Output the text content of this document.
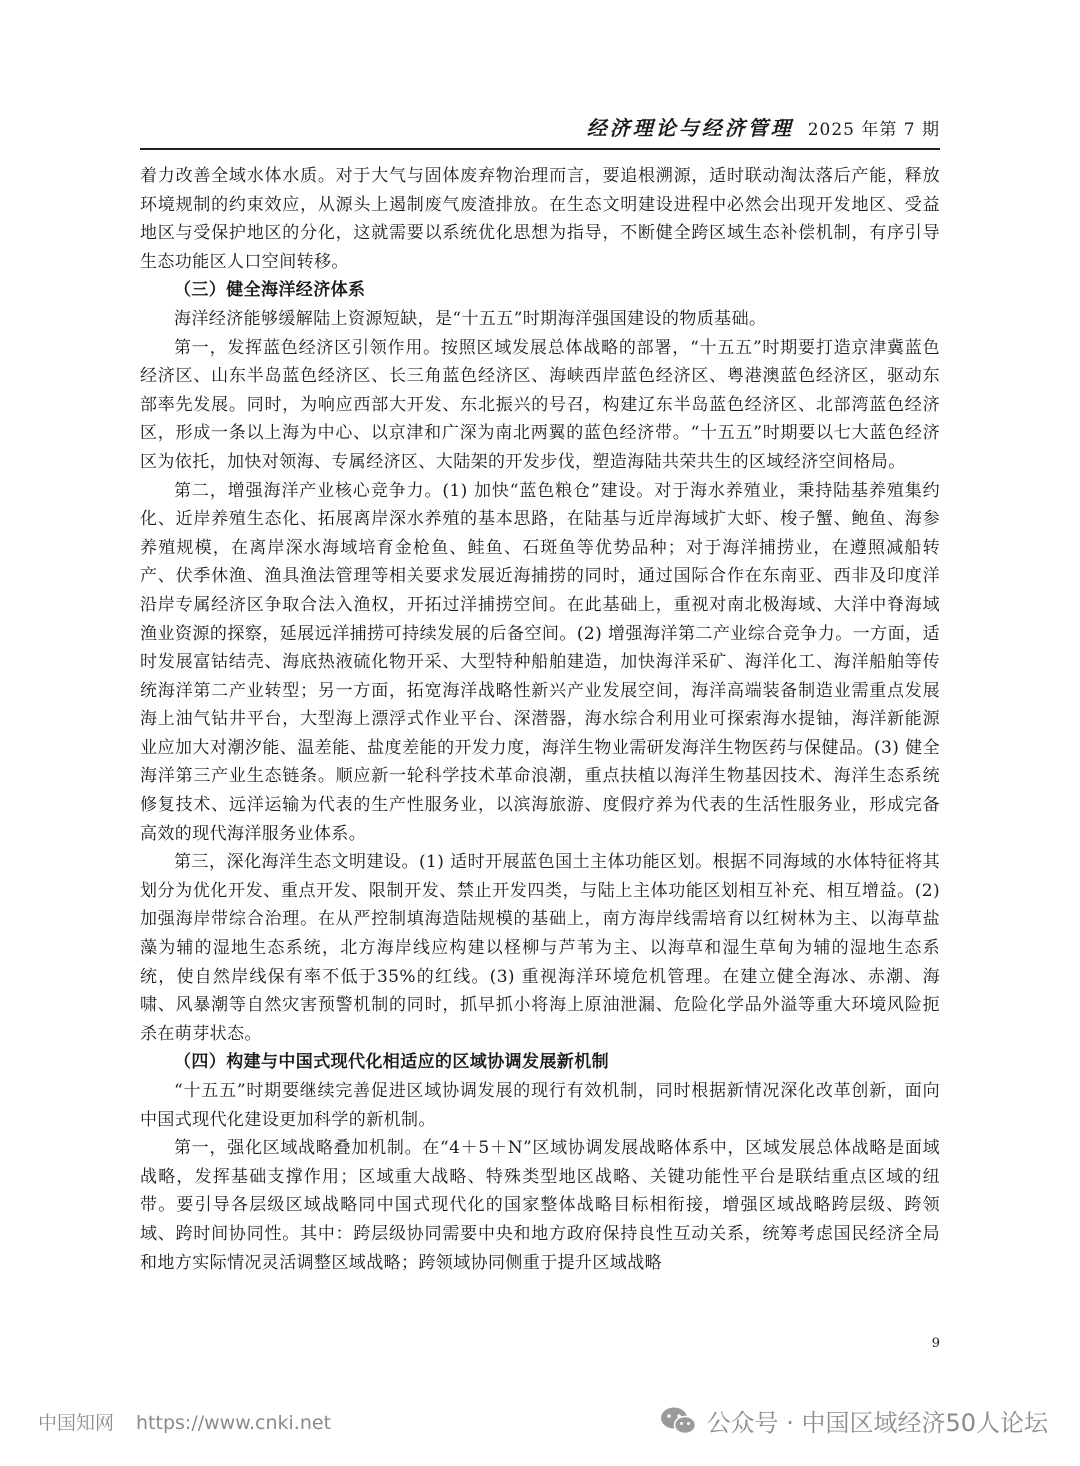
经济理论与经济管理 2025 年第 7 期

着力改善全域水体水质。对于大气与固体废弃物治理而言，要追根溯源，适时联动淘汰落后产能，释放环境规制的约束效应，从源头上遏制废气废渣排放。在生态文明建设进程中必然会出现开发地区、受益地区与受保护地区的分化，这就需要以系统优化思想为指导，不断健全跨区域生态补偿机制，有序引导生态功能区人口空间转移。

（三）健全海洋经济体系

海洋经济能够缓解陆上资源短缺，是“十五五”时期海洋强国建设的物质基础。

第一，发挥蓝色经济区引领作用。按照区域发展总体战略的部署，“十五五”时期要打造京津冀蓝色经济区、山东半岛蓝色经济区、长三角蓝色经济区、海峡西岸蓝色经济区、粤港澳蓝色经济区，驱动东部率先发展。同时，为响应西部大开发、东北振兴的号召，构建辽东半岛蓝色经济区、北部湾蓝色经济区，形成一条以上海为中心、以京津和广深为南北两翼的蓝色经济带。“十五五”时期要以七大蓝色经济区为依托，加快对领海、专属经济区、大陆架的开发步伐，塑造海陆共荣共生的区域经济空间格局。

第二，增强海洋产业核心竞争力。(1) 加快“蓝色粮仓”建设。对于海水养殖业，秉持陆基养殖集约化、近岸养殖生态化、拓展离岸深水养殖的基本思路，在陆基与近岸海域扩大虾、梭子蟹、鲍鱼、海参养殖规模，在离岸深水海域培育金枪鱼、鲑鱼、石斑鱼等优势品种；对于海洋捕捞业，在遵照减船转产、伏季休渔、渔具渔法管理等相关要求发展近海捕捞的同时，通过国际合作在东南亚、西非及印度洋沿岸专属经济区争取合法入渔权，开拓过洋捕捞空间。在此基础上，重视对南北极海域、大洋中脊海域渔业资源的探察，延展远洋捕捞可持续发展的后备空间。(2) 增强海洋第二产业综合竞争力。一方面，适时发展富钴结壳、海底热液硫化物开采、大型特种船舶建造，加快海洋采矿、海洋化工、海洋船舶等传统海洋第二产业转型；另一方面，拓宽海洋战略性新兴产业发展空间，海洋高端装备制造业需重点发展海上油气钻井平台，大型海上漂浮式作业平台、深潜器，海水综合利用业可探索海水提铀，海洋新能源业应加大对潮汐能、温差能、盐度差能的开发力度，海洋生物业需研发海洋生物医药与保健品。(3) 健全海洋第三产业生态链条。顺应新一轮科学技术革命浪潮，重点扶植以海洋生物基因技术、海洋生态系统修复技术、远洋运输为代表的生产性服务业，以滨海旅游、度假疗养为代表的生活性服务业，形成完备高效的现代海洋服务业体系。

第三，深化海洋生态文明建设。(1) 适时开展蓝色国土主体功能区划。根据不同海域的水体特征将其划分为优化开发、重点开发、限制开发、禁止开发四类，与陆上主体功能区划相互补充、相互增益。(2) 加强海岸带综合治理。在从严控制填海造陆规模的基础上，南方海岸线需培育以红树林为主、以海草盐藻为辅的湿地生态系统，北方海岸线应构建以柽柳与芦苇为主、以海草和湿生草甸为辅的湿地生态系统，使自然岸线保有率不低于35%的红线。(3) 重视海洋环境危机管理。在建立健全海冰、赤潮、海啸、风暴潮等自然灾害预警机制的同时，抓早抓小将海上原油泄漏、危险化学品外溢等重大环境风险扼杀在萌芽状态。

（四）构建与中国式现代化相适应的区域协调发展新机制

“十五五”时期要继续完善促进区域协调发展的现行有效机制，同时根据新情况深化改革创新，面向中国式现代化建设更加科学的新机制。

第一，强化区域战略叠加机制。在“4＋5＋N”区域协调发展战略体系中，区域发展总体战略是面域战略，发挥基础支撑作用；区域重大战略、特殊类型地区战略、关键功能性平台是联结重点区域的纽带。要引导各层级区域战略同中国式现代化的国家整体战略目标相衔接，增强区域战略跨层级、跨领域、跨时间协同性。其中：跨层级协同需要中央和地方政府保持良性互动关系，统筹考虑国民经济全局和地方实际情况灵活调整区域战略；跨领域协同侧重于提升区域战略

9
中国知网 https://www.cnki.net	公众号 · 中国区域经济50人论坛
